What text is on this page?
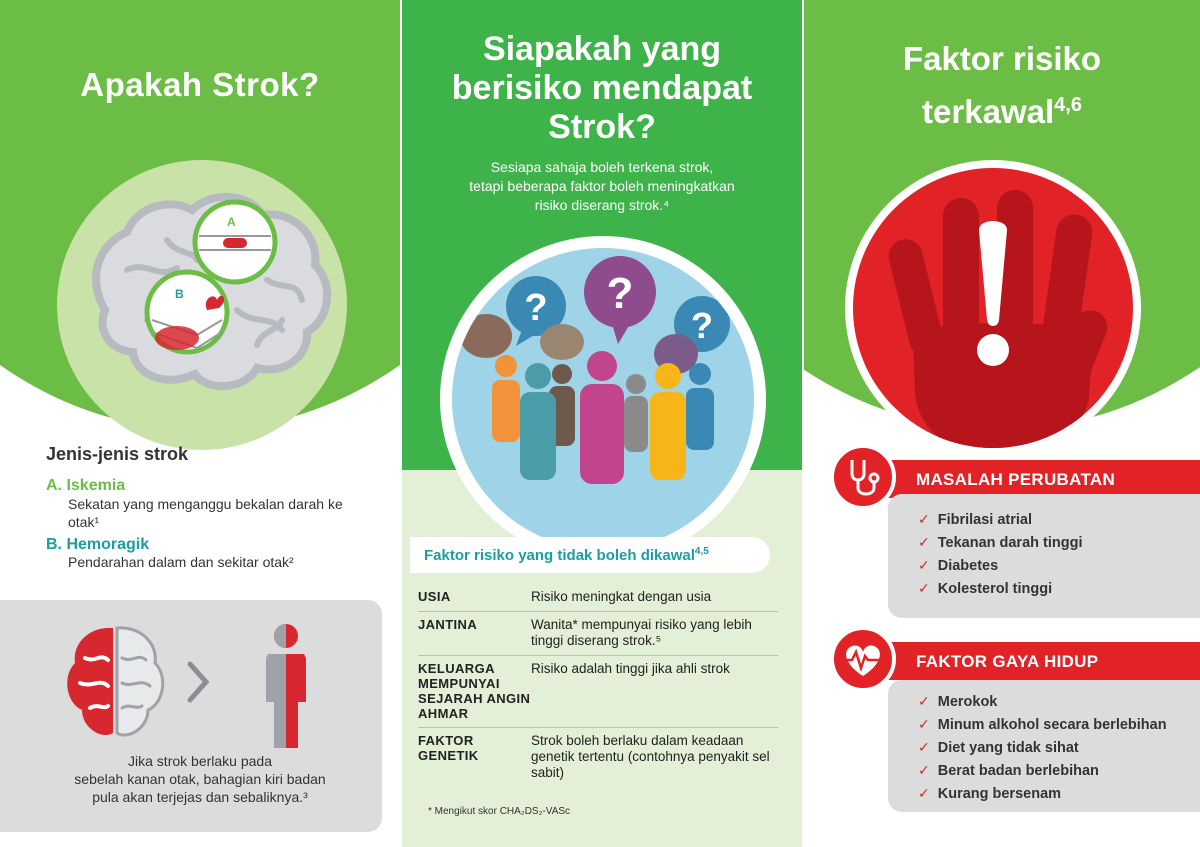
Apakah Strok?
A
B
Jenis-jenis strok
A. Iskemia
Sekatan yang menganggu bekalan darah ke otak¹
B. Hemoragik
Pendarahan dalam dan sekitar otak²
Jika strok berlaku pada
sebelah kanan otak, bahagian kiri badan
pula akan terjejas dan sebaliknya.³
Siapakah yang
berisiko mendapat
Strok?
Sesiapa sahaja boleh terkena strok,
tetapi beberapa faktor boleh meningkatkan
risiko diserang strok.⁴
? ?
?
Faktor risiko yang tidak boleh dikawal$^{4,5}$
USIA	Risiko meningkat dengan usia
JANTINA	Wanita* mempunyai risiko yang lebih tinggi diserang strok.⁵
KELUARGA MEMPUNYAI SEJARAH ANGIN AHMAR
Risiko adalah tinggi jika ahli strok
FAKTOR GENETIK
Strok boleh berlaku dalam keadaan genetik tertentu (contohnya penyakit sel sabit)
* Mengikut skor CHA₂DS₂-VASc
Faktor risiko
terkawal$^{4,6}$
MASALAH PERUBATAN
✓ Fibrilasi atrial
✓ Tekanan darah tinggi
✓ Diabetes
✓ Kolesterol tinggi
FAKTOR GAYA HIDUP
✓ Merokok
✓ Minum alkohol secara berlebihan
✓ Diet yang tidak sihat
✓ Berat badan berlebihan
✓ Kurang bersenam
